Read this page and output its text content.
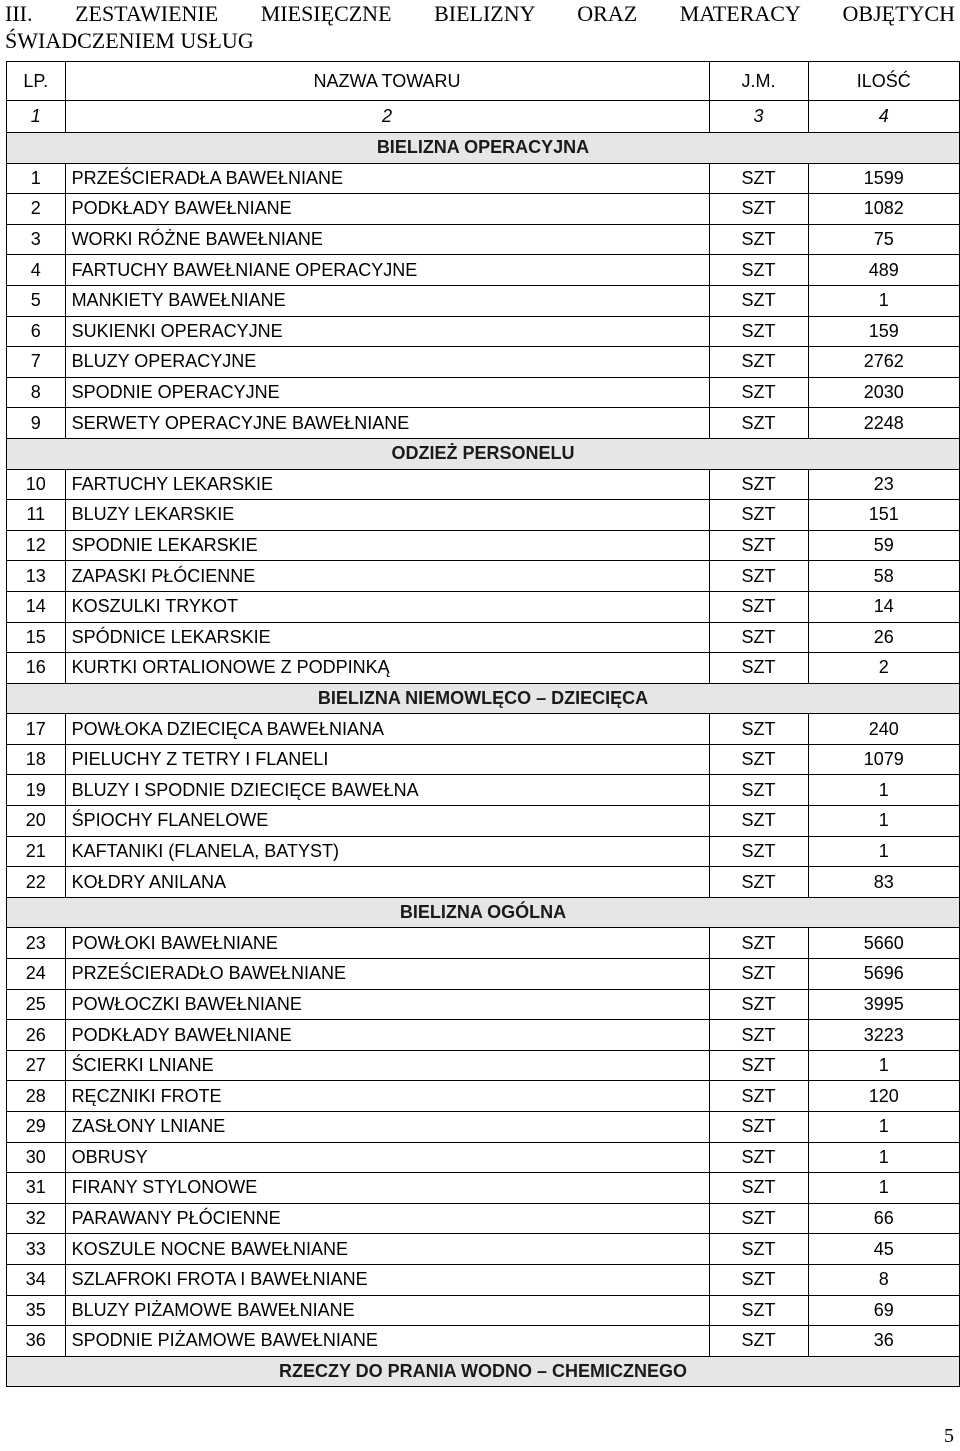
III. ZESTAWIENIE MIESIĘCZNE BIELIZNY ORAZ MATERACY OBJĘTYCH
ŚWIADCZENIEM USŁUG
LP.	NAZWA TOWARU	J.M.	ILOŚĆ
1	2	3	4
BIELIZNA OPERACYJNA			
1	PRZEŚCIERADŁA BAWEŁNIANE	SZT	1599
2	PODKŁADY BAWEŁNIANE	SZT	1082
3	WORKI RÓŻNE BAWEŁNIANE	SZT	75
4	FARTUCHY BAWEŁNIANE OPERACYJNE	SZT	489
5	MANKIETY BAWEŁNIANE	SZT	1
6	SUKIENKI OPERACYJNE	SZT	159
7	BLUZY OPERACYJNE	SZT	2762
8	SPODNIE OPERACYJNE	SZT	2030
9	SERWETY OPERACYJNE BAWEŁNIANE	SZT	2248
ODZIEŻ PERSONELU			
10	FARTUCHY LEKARSKIE	SZT	23
11	BLUZY LEKARSKIE	SZT	151
12	SPODNIE LEKARSKIE	SZT	59
13	ZAPASKI PŁÓCIENNE	SZT	58
14	KOSZULKI TRYKOT	SZT	14
15	SPÓDNICE LEKARSKIE	SZT	26
16	KURTKI ORTALIONOWE Z PODPINKĄ	SZT	2
BIELIZNA NIEMOWLĘCO – DZIECIĘCA			
17	POWŁOKA DZIECIĘCA BAWEŁNIANA	SZT	240
18	PIELUCHY Z TETRY I FLANELI	SZT	1079
19	BLUZY I SPODNIE DZIECIĘCE BAWEŁNA	SZT	1
20	ŚPIOCHY FLANELOWE	SZT	1
21	KAFTANIKI (FLANELA, BATYST)	SZT	1
22	KOŁDRY ANILANA	SZT	83
BIELIZNA OGÓLNA			
23	POWŁOKI BAWEŁNIANE	SZT	5660
24	PRZEŚCIERADŁO BAWEŁNIANE	SZT	5696
25	POWŁOCZKI BAWEŁNIANE	SZT	3995
26	PODKŁADY BAWEŁNIANE	SZT	3223
27	ŚCIERKI LNIANE	SZT	1
28	RĘCZNIKI FROTE	SZT	120
29	ZASŁONY LNIANE	SZT	1
30	OBRUSY	SZT	1
31	FIRANY STYLONOWE	SZT	1
32	PARAWANY PŁÓCIENNE	SZT	66
33	KOSZULE NOCNE BAWEŁNIANE	SZT	45
34	SZLAFROKI FROTA I BAWEŁNIANE	SZT	8
35	BLUZY PIŻAMOWE BAWEŁNIANE	SZT	69
36	SPODNIE PIŻAMOWE BAWEŁNIANE	SZT	36
RZECZY DO PRANIA WODNO – CHEMICZNEGO			
5
